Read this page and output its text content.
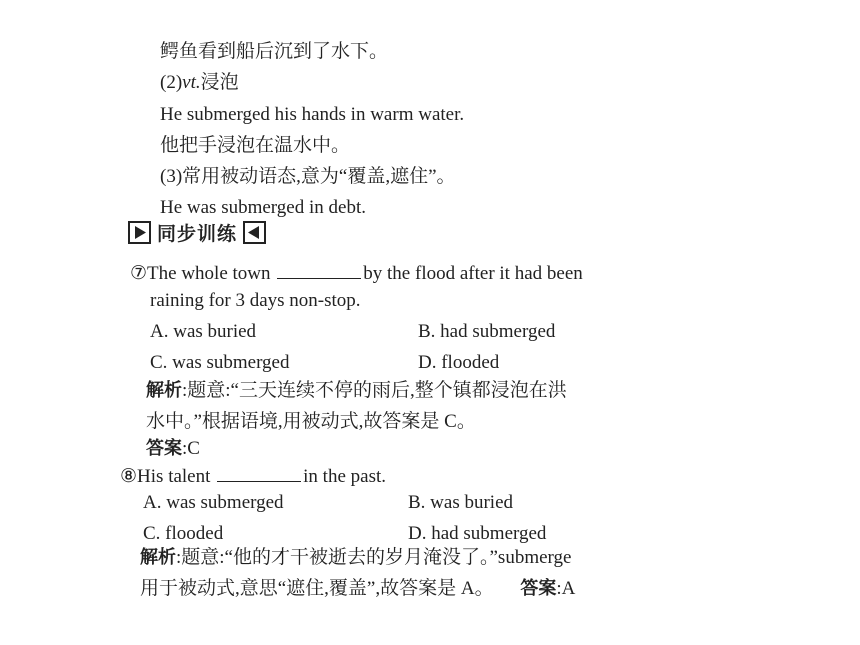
鳄鱼看到船后沉到了水下。
(2)vt.浸泡
He submerged his hands in warm water.
他把手浸泡在温水中。
(3)常用被动语态,意为“覆盖,遮住”。
He was submerged in debt.
同步训练
⑦The whole town	by the flood after it had been
raining for 3 days non-stop.
A. was buried	B. had submerged
C. was submerged	D. flooded
解析:题意:“三天连续不停的雨后,整个镇都浸泡在洪
水中。”根据语境,用被动式,故答案是 C。
答案:C
⑧His talent	in the past.
A. was submerged	B. was buried
C. flooded	D. had submerged
解析:题意:“他的才干被逝去的岁月淹没了。”submerge
用于被动式,意思“遮住,覆盖”,故答案是 A。 答案:A
